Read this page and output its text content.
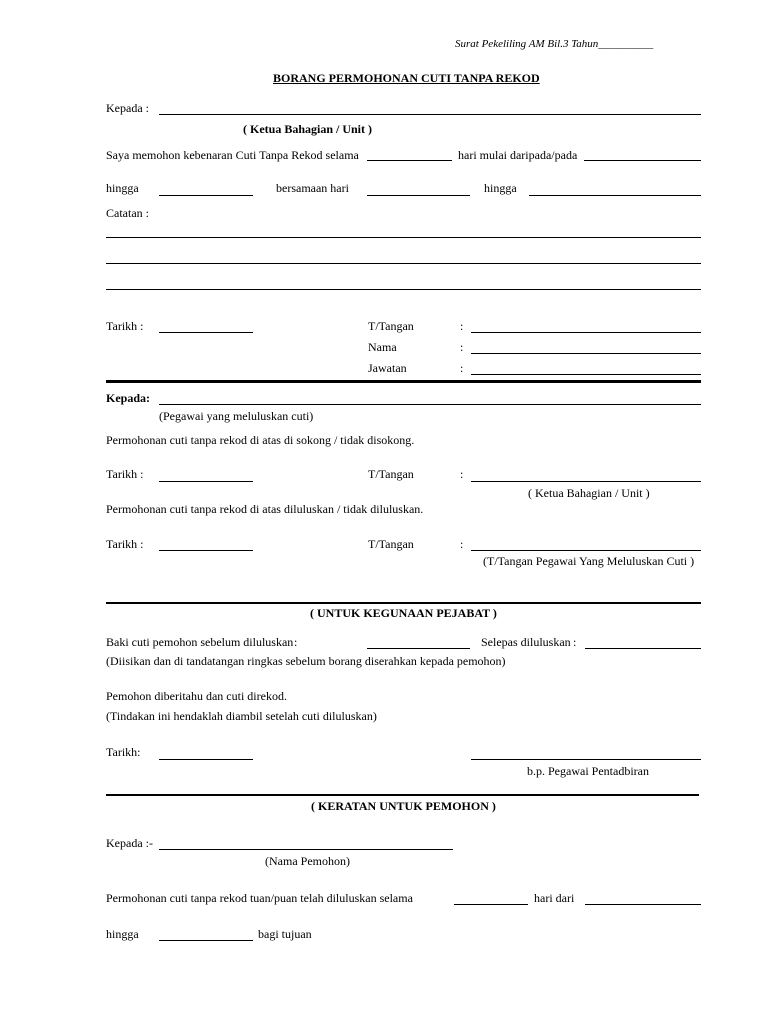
Surat Pekeliling AM Bil.3 Tahun__________
BORANG PERMOHONAN CUTI TANPA REKOD
Kepada :
( Ketua Bahagian / Unit )
Saya memohon kebenaran Cuti Tanpa Rekod selama	hari mulai daripada/pada
hingga	bersamaan hari	hingga
Catatan :
Tarikh :	T/Tangan	:
Nama	:
Jawatan	:
Kepada:
(Pegawai yang meluluskan cuti)
Permohonan cuti tanpa rekod di atas di sokong / tidak disokong.
Tarikh :	T/Tangan	:
( Ketua Bahagian / Unit )
Permohonan cuti tanpa rekod di atas diluluskan / tidak diluluskan.
Tarikh :	T/Tangan	:
(T/Tangan Pegawai Yang Meluluskan Cuti )
( UNTUK KEGUNAAN PEJABAT )
Baki cuti pemohon sebelum diluluskan :	Selepas diluluskan :
(Diisikan dan di tandatangan ringkas sebelum borang diserahkan kepada pemohon)
Pemohon diberitahu dan cuti direkod.
(Tindakan ini hendaklah diambil setelah cuti diluluskan)
Tarikh:
b.p. Pegawai Pentadbiran
( KERATAN UNTUK PEMOHON )
Kepada :-
(Nama Pemohon)
Permohonan cuti tanpa rekod tuan/puan telah diluluskan selama	hari dari
hingga	bagi tujuan
